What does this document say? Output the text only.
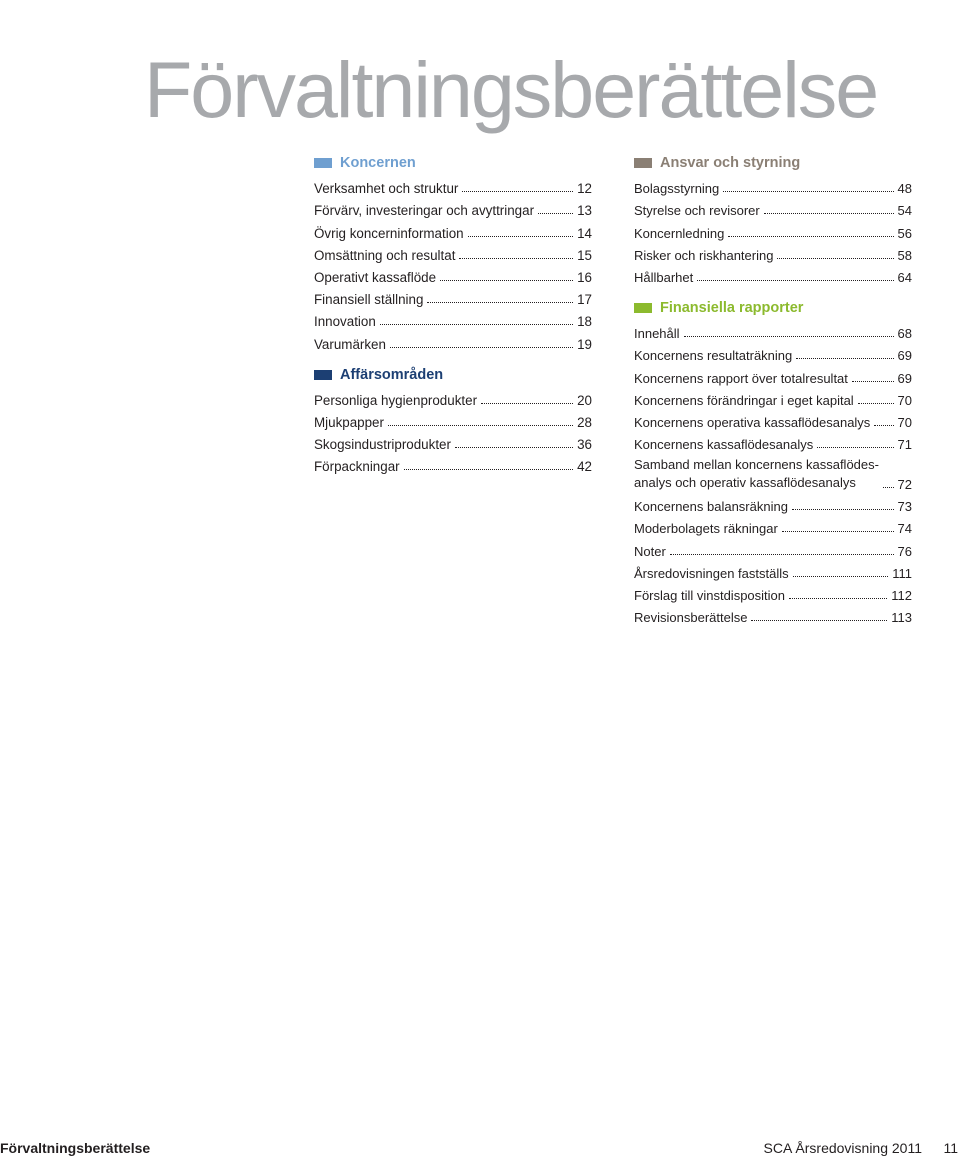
Förvaltningsberättelse
Koncernen
Verksamhet och struktur	12
Förvärv, investeringar och avyttringar	13
Övrig koncerninformation	14
Omsättning och resultat	15
Operativt kassaflöde	16
Finansiell ställning	17
Innovation	18
Varumärken	19
Affärsområden
Personliga hygienprodukter	20
Mjukpapper	28
Skogsindustriprodukter	36
Förpackningar	42
Ansvar och styrning
Bolagsstyrning	48
Styrelse och revisorer	54
Koncernledning	56
Risker och riskhantering	58
Hållbarhet	64
Finansiella rapporter
Innehåll	68
Koncernens resultaträkning	69
Koncernens rapport över totalresultat	69
Koncernens förändringar i eget kapital	70
Koncernens operativa kassaflödesanalys 70
Koncernens kassaflödesanalys	71
Samband mellan koncernens kassaflödes-
analys och operativ kassaflödesanalys	72
Koncernens balansräkning	73
Moderbolagets räkningar	74
Noter	76
Årsredovisningen fastställs	111
Förslag till vinstdisposition	112
Revisionsberättelse	113
Förvaltningsberättelse	SCA Årsredovisning 2011 11
